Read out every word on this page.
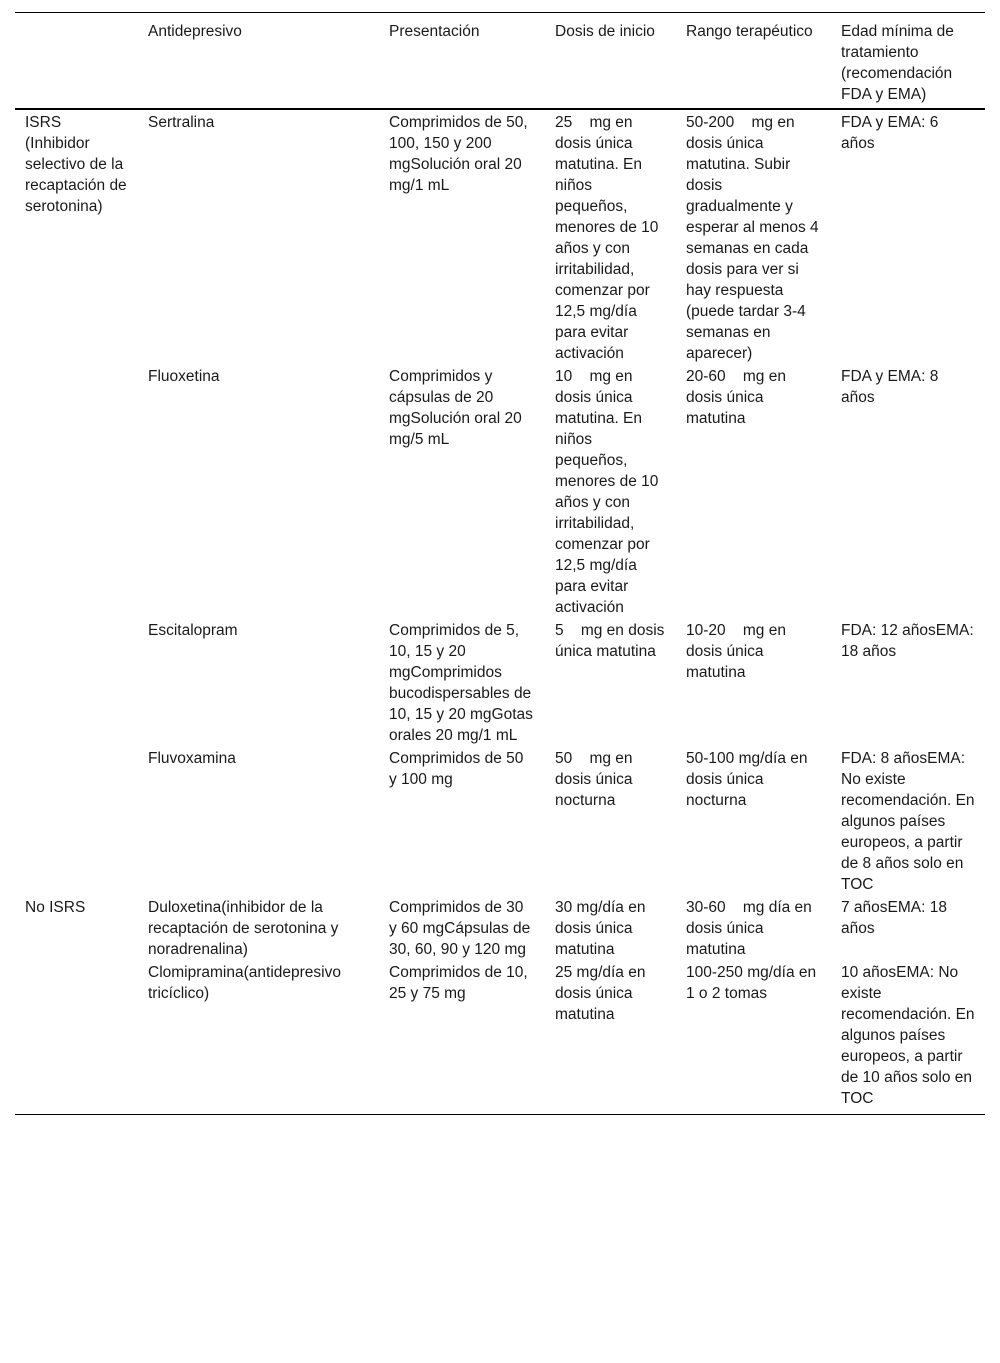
	Antidepresivo	Presentación	Dosis de inicio	Rango terapéutico	Edad mínima de tratamiento (recomendación FDA y EMA)
ISRS (Inhibidor selectivo de la recaptación de serotonina)	Sertralina	Comprimidos de 50, 100, 150 y 200 mgSolución oral 20 mg/1 mL	25    mg en dosis única matutina. En niños pequeños, menores de 10 años y con irritabilidad, comenzar por 12,5 mg/día para evitar activación	50-200    mg en dosis única matutina. Subir dosis gradualmente y esperar al menos 4 semanas en cada dosis para ver si hay respuesta (puede tardar 3-4 semanas en aparecer)	FDA y EMA: 6 años
	Fluoxetina	Comprimidos y cápsulas de 20 mgSolución oral 20 mg/5 mL	10    mg en dosis única matutina. En niños pequeños, menores de 10 años y con irritabilidad, comenzar por 12,5 mg/día para evitar activación	20-60    mg en dosis única matutina	FDA y EMA: 8 años
	Escitalopram	Comprimidos de 5, 10, 15 y 20 mgComprimidos bucodispersables de 10, 15 y 20 mgGotas orales 20 mg/1 mL	5    mg en dosis única matutina	10-20    mg en dosis única matutina	FDA: 12 añosEMA: 18 años
	Fluvoxamina	Comprimidos de 50 y 100 mg	50    mg en dosis única nocturna	50-100 mg/día en dosis única nocturna	FDA: 8 añosEMA: No existe recomendación. En algunos países europeos, a partir de 8 años solo en TOC
No ISRS	Duloxetina(inhibidor de la recaptación de serotonina y noradrenalina)	Comprimidos de 30 y 60 mgCápsulas de 30, 60, 90 y 120 mg	30 mg/día en dosis única matutina	30-60    mg día en dosis única matutina	7 añosEMA: 18 años
	Clomipramina(antidepresivo tricíclico)	Comprimidos de 10, 25 y 75 mg	25 mg/día en dosis única matutina	100-250 mg/día en 1 o 2 tomas	10 añosEMA: No existe recomendación. En algunos países europeos, a partir de 10 años solo en TOC
